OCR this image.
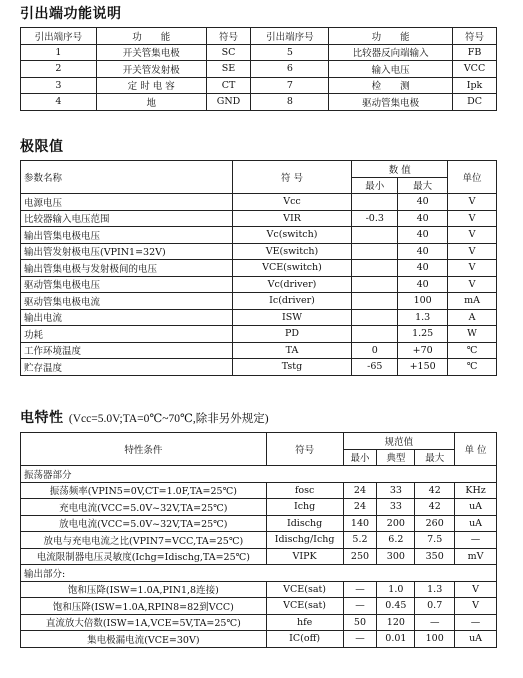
引出端功能说明
引出端序号	功　　能	符号	引出端序号	功　　能	符号
1	开关管集电极	SC	5	比较器反向端输入	FB
2	开关管发射极	SE	6	输入电压	VCC
3	定 时 电 容	CT	7	检　　测	Ipk
4	地	GND	8	驱动管集电极	DC
极限值
参数名称	符 号	数 值		单位
		最小	最大	
电源电压	Vcc		40	V
比较器输入电压范围	VIR	-0.3	40	V
输出管集电极电压	Vc(switch)		40	V
输出管发射极电压(VPIN1=32V)	VE(switch)		40	V
输出管集电极与发射极间的电压	VCE(switch)		40	V
驱动管集电极电压	Vc(driver)		40	V
驱动管集电极电流	Ic(driver)		100	mA
输出电流	ISW		1.3	A
功耗	PD		1.25	W
工作环境温度	TA	0	+70	℃
贮存温度	Tstg	-65	+150	℃
电特性 (Vcc=5.0V;TA=0℃~70℃,除非另外规定)
特性条件	符号	规范值			单 位
		最小	典型	最大	
振荡器部分					
振荡频率(VPIN5=0V,CT=1.0F,TA=25℃)	fosc	24	33	42	KHz
充电电流(VCC=5.0V~32V,TA=25℃)	Ichg	24	33	42	uA
放电电流(VCC=5.0V~32V,TA=25℃)	Idischg	140	200	260	uA
放电与充电电流之比(VPIN7=VCC,TA=25℃)	Idischg/Ichg	5.2	6.2	7.5	—
电流限制器电压灵敏度(Ichg=Idischg,TA=25℃)	VIPK	250	300	350	mV
输出部分:					
饱和压降(ISW=1.0A,PIN1,8连接)	VCE(sat)	—	1.0	1.3	V
饱和压降(ISW=1.0A,RPIN8=82到VCC)	VCE(sat)	—	0.45	0.7	V
直流放大倍数(ISW=1A,VCE=5V,TA=25℃)	hfe	50	120	—	—
集电极漏电流(VCE=30V)	IC(off)	—	0.01	100	uA
